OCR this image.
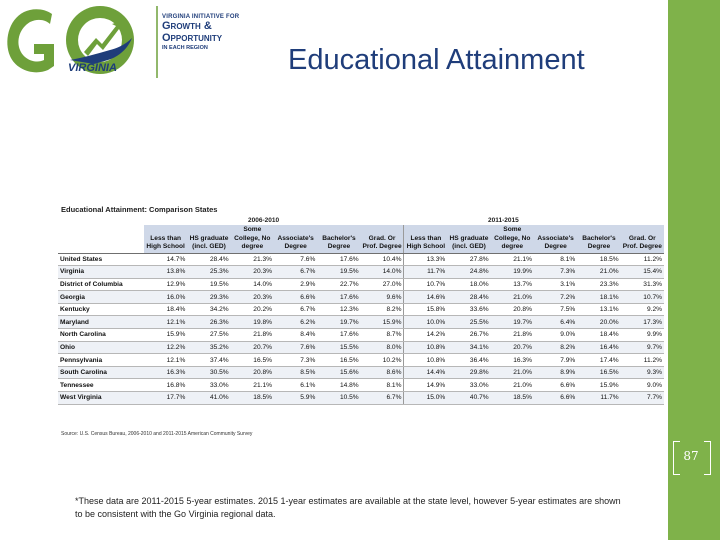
VIRGINIA
VIRGINIA INITIATIVE FOR
Growth &
Opportunity
IN EACH REGION	Educational Attainment
Educational Attainment: Comparison States
2006-2010	2011-2015
	Less than High School	HS graduate (incl. GED)	Some College, No degree	Associate's Degree	Bachelor's Degree	Grad. Or Prof. Degree	Less than High School	HS graduate (incl. GED)	Some College, No degree	Associate's Degree	Bachelor's Degree	Grad. Or Prof. Degree
United States	14.7%	28.4%	21.3%	7.6%	17.6%	10.4%	13.3%	27.8%	21.1%	8.1%	18.5%	11.2%
Virginia	13.8%	25.3%	20.3%	6.7%	19.5%	14.0%	11.7%	24.8%	19.9%	7.3%	21.0%	15.4%
District of Columbia	12.9%	19.5%	14.0%	2.9%	22.7%	27.0%	10.7%	18.0%	13.7%	3.1%	23.3%	31.3%
Georgia	16.0%	29.3%	20.3%	6.6%	17.6%	9.6%	14.6%	28.4%	21.0%	7.2%	18.1%	10.7%
Kentucky	18.4%	34.2%	20.2%	6.7%	12.3%	8.2%	15.8%	33.6%	20.8%	7.5%	13.1%	9.2%
Maryland	12.1%	26.3%	19.8%	6.2%	19.7%	15.9%	10.0%	25.5%	19.7%	6.4%	20.0%	17.3%
North Carolina	15.9%	27.5%	21.8%	8.4%	17.6%	8.7%	14.2%	26.7%	21.8%	9.0%	18.4%	9.9%
Ohio	12.2%	35.2%	20.7%	7.6%	15.5%	8.0%	10.8%	34.1%	20.7%	8.2%	16.4%	9.7%
Pennsylvania	12.1%	37.4%	16.5%	7.3%	16.5%	10.2%	10.8%	36.4%	16.3%	7.9%	17.4%	11.2%
South Carolina	16.3%	30.5%	20.8%	8.5%	15.6%	8.6%	14.4%	29.8%	21.0%	8.9%	16.5%	9.3%
Tennessee	16.8%	33.0%	21.1%	6.1%	14.8%	8.1%	14.9%	33.0%	21.0%	6.6%	15.9%	9.0%
West Virginia	17.7%	41.0%	18.5%	5.9%	10.5%	6.7%	15.0%	40.7%	18.5%	6.6%	11.7%	7.7%
Source: U.S. Census Bureau, 2006-2010 and 2011-2015 American Community Survey
87
*These data are 2011-2015 5-year estimates. 2015 1-year estimates are available at the state level, however 5-year estimates are shown to be consistent with the Go Virginia regional data.
